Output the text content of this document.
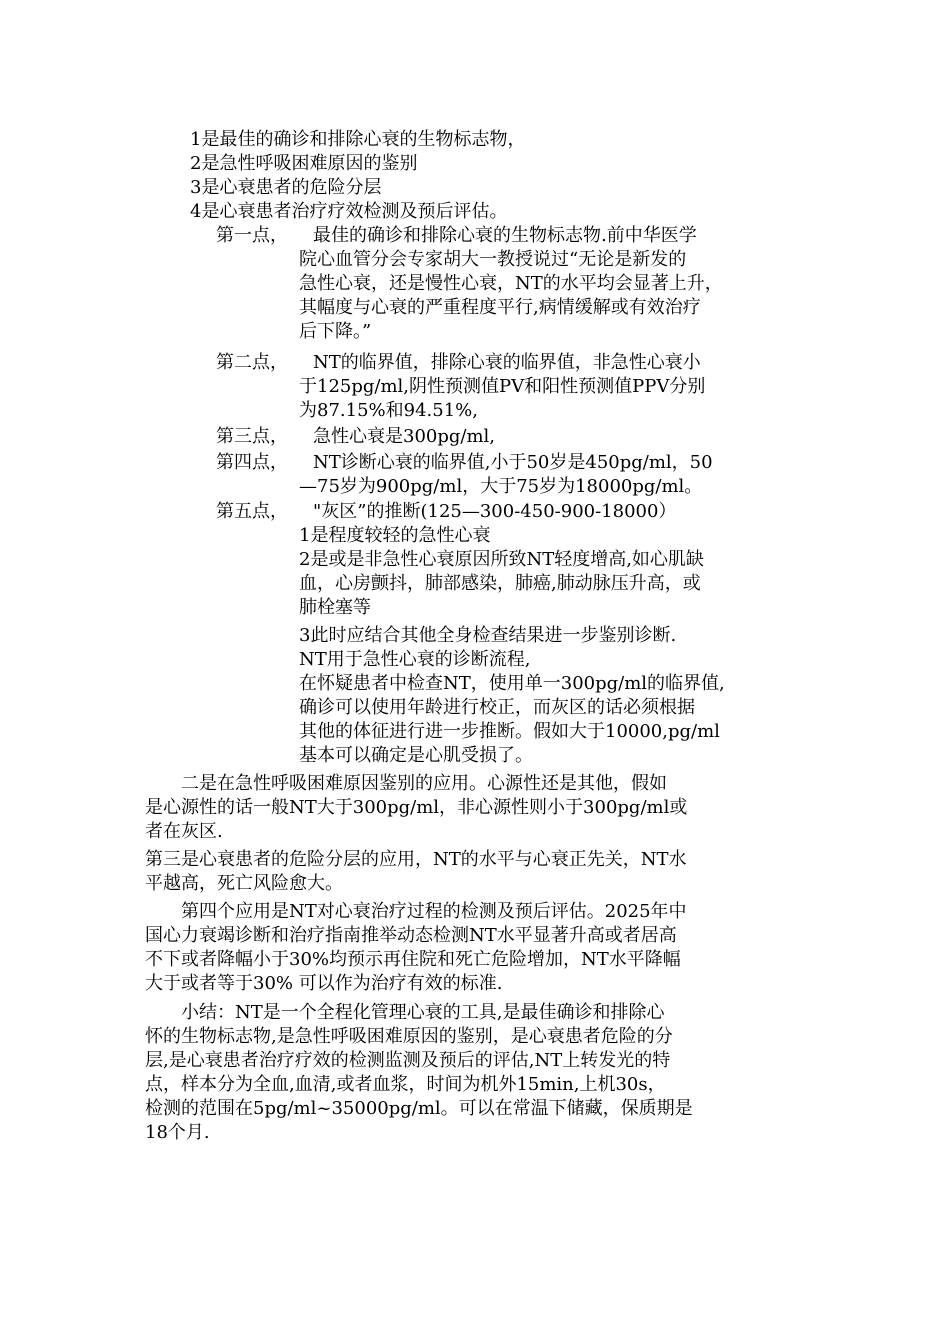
1是最佳的确诊和排除心衰的生物标志物，
2是急性呼吸困难原因的鉴别
3是心衰患者的危险分层
4是心衰患者治疗疗效检测及预后评估。
第一点， 最佳的确诊和排除心衰的生物标志物.前中华医学
院心血管分会专家胡大一教授说过“无论是新发的
急性心衰，还是慢性心衰，NT的水平均会显著上升，
其幅度与心衰的严重程度平行,病情缓解或有效治疗
后下降。”
第二点， NT的临界值，排除心衰的临界值，非急性心衰小
于125pg/ml,阴性预测值PV和阳性预测值PPV分别
为87.15%和94.51%,
第三点， 急性心衰是300pg/ml,
第四点， NT诊断心衰的临界值,小于50岁是450pg/ml，50
—75岁为900pg/ml，大于75岁为18000pg/ml。
第五点， "灰区”的推断(125—300-450-900-18000）
1是程度较轻的急性心衰
2是或是非急性心衰原因所致NT轻度增高,如心肌缺
血，心房颤抖，肺部感染，肺癌,肺动脉压升高，或
肺栓塞等
3此时应结合其他全身检查结果进一步鉴别诊断.
NT用于急性心衰的诊断流程,
在怀疑患者中检查NT，使用单一300pg/ml的临界值,
确诊可以使用年龄进行校正，而灰区的话必须根据
其他的体征进行进一步推断。假如大于10000,pg/ml
基本可以确定是心肌受损了。
二是在急性呼吸困难原因鉴别的应用。心源性还是其他，假如
是心源性的话一般NT大于300pg/ml，非心源性则小于300pg/ml或
者在灰区.
第三是心衰患者的危险分层的应用，NT的水平与心衰正先关，NT水
平越高，死亡风险愈大。
第四个应用是NT对心衰治疗过程的检测及预后评估。2025年中
国心力衰竭诊断和治疗指南推举动态检测NT水平显著升高或者居高
不下或者降幅小于30%均预示再住院和死亡危险增加，NT水平降幅
大于或者等于30% 可以作为治疗有效的标准.
小结：NT是一个全程化管理心衰的工具,是最佳确诊和排除心
怀的生物标志物,是急性呼吸困难原因的鉴别，是心衰患者危险的分
层,是心衰患者治疗疗效的检测监测及预后的评估,NT上转发光的特
点，样本分为全血,血清,或者血浆，时间为机外15min,上机30s，
检测的范围在5pg/ml~35000pg/ml。可以在常温下储藏，保质期是
18个月.
